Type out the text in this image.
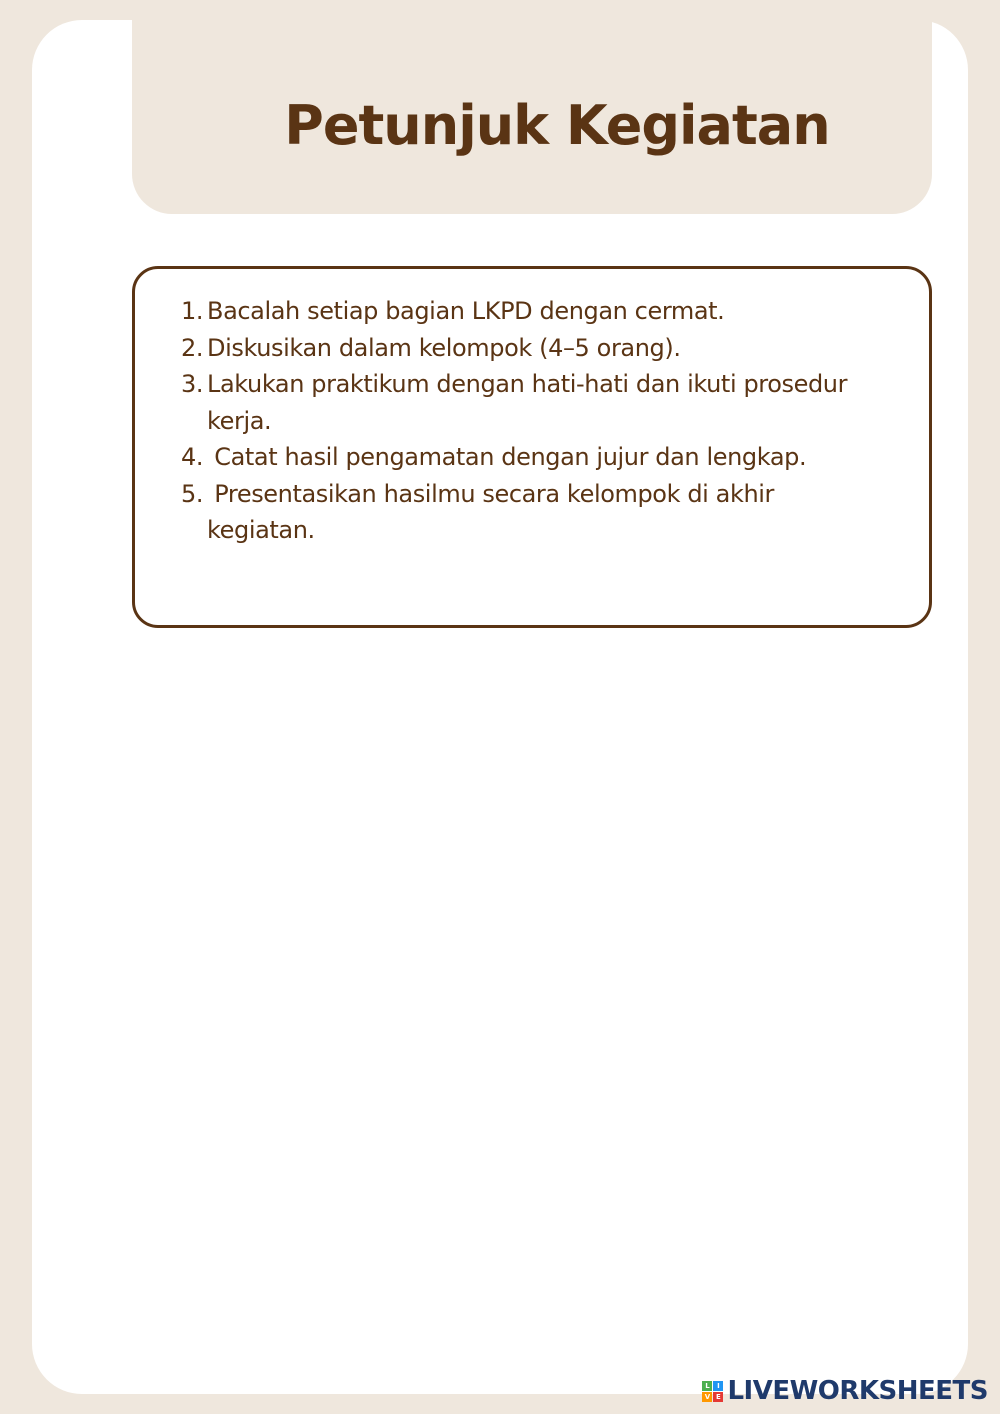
Petunjuk Kegiatan
1. Bacalah setiap bagian LKPD dengan cermat.
2. Diskusikan dalam kelompok (4–5 orang).
3. Lakukan praktikum dengan hati-hati dan ikuti prosedur kerja.
4. Catat hasil pengamatan dengan jujur dan lengkap.
5. Presentasikan hasilmu secara kelompok di akhir kegiatan.
L	I
V E LIVEWORKSHEETS
